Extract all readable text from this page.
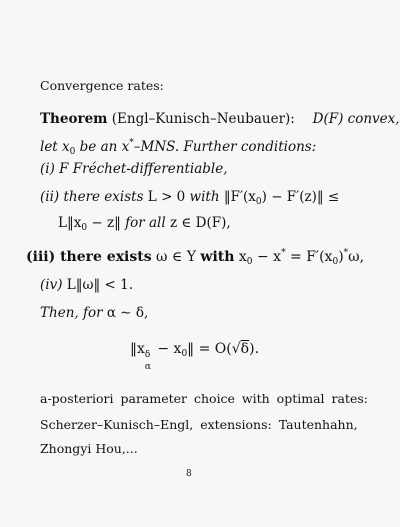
Convergence rates:
Theorem (Engl–Kunisch–Neubauer):  D(F) convex,
let $x_0$ be an x*–MNS. Further conditions:
(i) F Fréchet-differentiable,
(ii) there exists L > 0 with $‖F'(x_0)$ − F′(z)‖ ≤
$L‖x_0$ − z‖ for all z ∈ D(F),
(iii) there exists ω ∈ Y with $x_0 - x^* = F'(x_0)^*\omega$,
(iv) L‖ω‖ < 1.
Then, for α ∼ δ,
‖x δ
α
− $x_0‖ = O(√\delta)$.
a-posteriori parameter choice with optimal rates:
Scherzer–Kunisch–Engl, extensions: Tautenhahn,
Zhongyi Hou,...
8
